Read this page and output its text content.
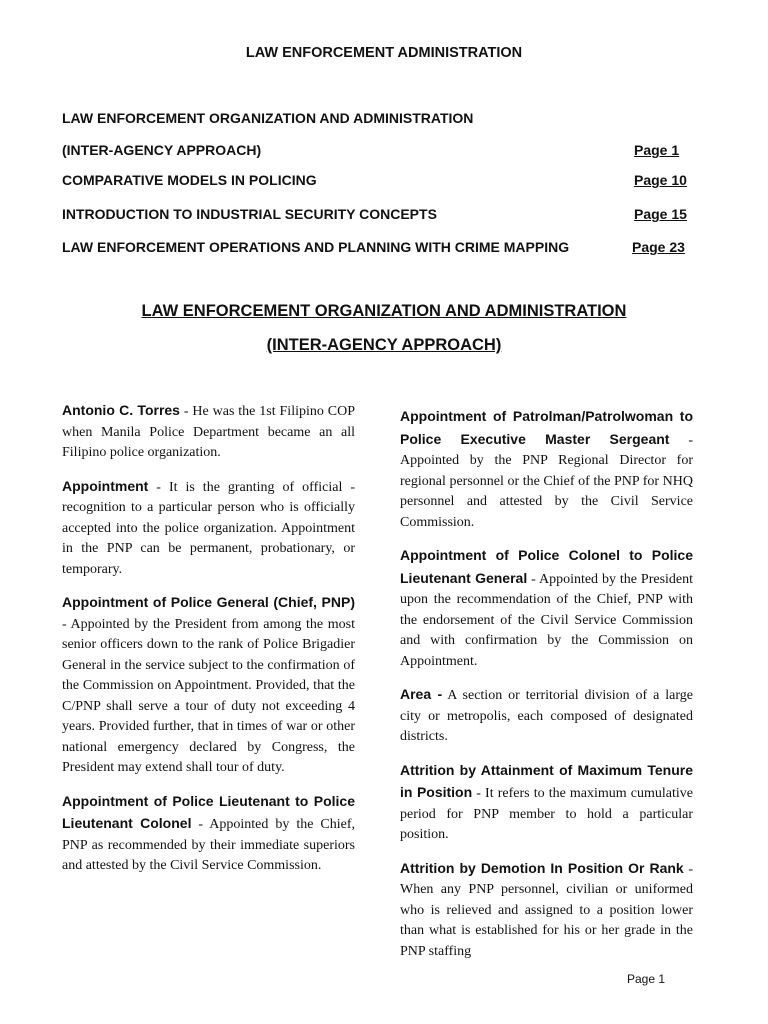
LAW ENFORCEMENT ADMINISTRATION
LAW ENFORCEMENT ORGANIZATION AND ADMINISTRATION
(INTER-AGENCY APPROACH)	Page 1
COMPARATIVE MODELS IN POLICING	Page 10
INTRODUCTION TO INDUSTRIAL SECURITY CONCEPTS	Page 15
LAW ENFORCEMENT OPERATIONS AND PLANNING WITH CRIME MAPPING	Page 23
LAW ENFORCEMENT ORGANIZATION AND ADMINISTRATION
(INTER-AGENCY APPROACH)

Antonio C. Torres - He was the 1st Filipino COP when Manila Police Department became an all Filipino police organization.

Appointment - It is the granting of official - recognition to a particular person who is officially accepted into the police organization. Appointment in the PNP can be permanent, probationary, or temporary.

Appointment of Police General (Chief, PNP) - Appointed by the President from among the most senior officers down to the rank of Police Brigadier General in the service subject to the confirmation of the Commission on Appointment. Provided, that the C/PNP shall serve a tour of duty not exceeding 4 years. Provided further, that in times of war or other national emergency declared by Congress, the President may extend shall tour of duty.

Appointment of Police Lieutenant to Police Lieutenant Colonel - Appointed by the Chief, PNP as recommended by their immediate superiors and attested by the Civil Service Commission.

Appointment of Patrolman/Patrolwoman to Police Executive Master Sergeant - Appointed by the PNP Regional Director for regional personnel or the Chief of the PNP for NHQ personnel and attested by the Civil Service Commission.

Appointment of Police Colonel to Police Lieutenant General - Appointed by the President upon the recommendation of the Chief, PNP with the endorsement of the Civil Service Commission and with confirmation by the Commission on Appointment.

Area - A section or territorial division of a large city or metropolis, each composed of designated districts.

Attrition by Attainment of Maximum Tenure in Position - It refers to the maximum cumulative period for PNP member to hold a particular position.

Attrition by Demotion In Position Or Rank - When any PNP personnel, civilian or uniformed who is relieved and assigned to a position lower than what is established for his or her grade in the PNP staffing

Page 1
